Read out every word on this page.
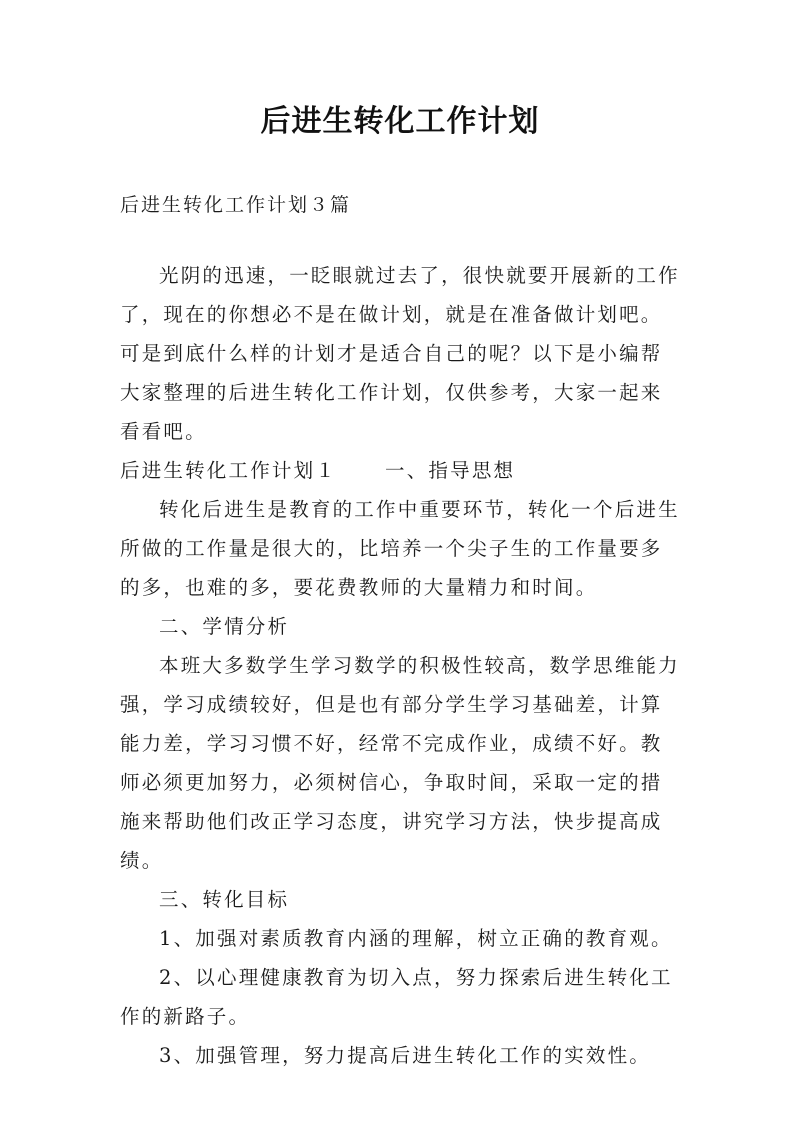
后进生转化工作计划
后进生转化工作计划３篇

光阴的迅速，一眨眼就过去了，很快就要开展新的工作了，现在的你想必不是在做计划，就是在准备做计划吧。可是到底什么样的计划才是适合自己的呢？以下是小编帮大家整理的后进生转化工作计划，仅供参考，大家一起来看看吧。

后进生转化工作计划１ 一、指导思想

转化后进生是教育的工作中重要环节，转化一个后进生所做的工作量是很大的，比培养一个尖子生的工作量要多的多，也难的多，要花费教师的大量精力和时间。

二、学情分析

本班大多数学生学习数学的积极性较高，数学思维能力强，学习成绩较好，但是也有部分学生学习基础差，计算能力差，学习习惯不好，经常不完成作业，成绩不好。教师必须更加努力，必须树信心，争取时间，采取一定的措施来帮助他们改正学习态度，讲究学习方法，快步提高成绩。

三、转化目标

1、加强对素质教育内涵的理解，树立正确的教育观。

2、以心理健康教育为切入点，努力探索后进生转化工作的新路子。

3、加强管理，努力提高后进生转化工作的实效性。
